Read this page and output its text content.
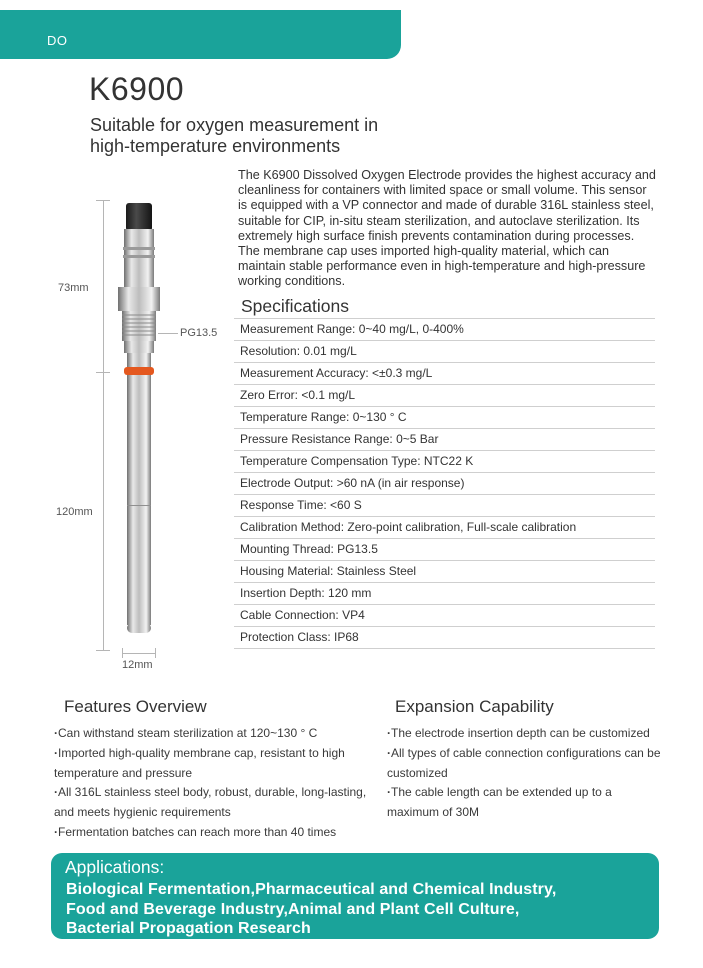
DO
K6900
Suitable for oxygen measurement in
high-temperature environments
The K6900 Dissolved Oxygen Electrode provides the highest accuracy and cleanliness for containers with limited space or small volume. This sensor is equipped with a VP connector and made of durable 316L stainless steel, suitable for CIP, in-situ steam sterilization, and autoclave sterilization. Its extremely high surface finish prevents contamination during processes. The membrane cap uses imported high-quality material, which can maintain stable performance even in high-temperature and high-pressure working conditions.
73mm
120mm
12mm
PG13.5
Specifications
Measurement Range: 0~40 mg/L, 0-400%
Resolution: 0.01 mg/L
Measurement Accuracy: <±0.3 mg/L
Zero Error: <0.1 mg/L
Temperature Range: 0~130 ° C
Pressure Resistance Range: 0~5 Bar
Temperature Compensation Type: NTC22 K
Electrode Output: >60 nA (in air response)
Response Time: <60 S
Calibration Method: Zero-point calibration, Full-scale calibration
Mounting Thread: PG13.5
Housing Material: Stainless Steel
Insertion Depth: 120 mm
Cable Connection: VP4
Protection Class: IP68
Features Overview
· Can withstand steam sterilization at 120~130 ° C
· Imported high-quality membrane cap, resistant to high temperature and pressure
· All 316L stainless steel body, robust, durable, long-lasting, and meets hygienic requirements
· Fermentation batches can reach more than 40 times
Expansion Capability
· The electrode insertion depth can be customized
· All types of cable connection configurations can be customized
· The cable length can be extended up to a maximum of 30M
Applications:
Biological Fermentation,Pharmaceutical and Chemical Industry,
Food and Beverage Industry,Animal and Plant Cell Culture,
Bacterial Propagation Research
